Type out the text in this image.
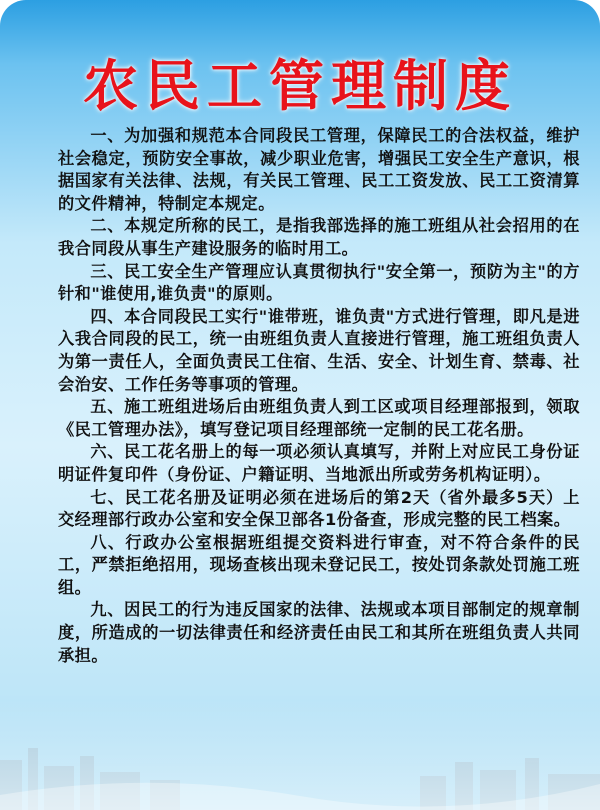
农民工管理制度

一、为加强和规范本合同段民工管理，保障民工的合法权益，维护社会稳定，预防安全事故，减少职业危害，增强民工安全生产意识，根据国家有关法律、法规，有关民工管理、民工工资发放、民工工资清算的文件精神，特制定本规定。

二、本规定所称的民工，是指我部选择的施工班组从社会招用的在我合同段从事生产建设服务的临时用工。

三、民工安全生产管理应认真贯彻执行"安全第一，预防为主"的方针和"谁使用,谁负责"的原则。

四、本合同段民工实行"谁带班，谁负责"方式进行管理，即凡是进入我合同段的民工，统一由班组负责人直接进行管理，施工班组负责人为第一责任人，全面负责民工住宿、生活、安全、计划生育、禁毒、社会治安、工作任务等事项的管理。

五、施工班组进场后由班组负责人到工区或项目经理部报到，领取《民工管理办法》，填写登记项目经理部统一定制的民工花名册。

六、民工花名册上的每一项必须认真填写，并附上对应民工身份证明证件复印件（身份证、户籍证明、当地派出所或劳务机构证明）。

七、民工花名册及证明必须在进场后的第2天（省外最多5天）上交经理部行政办公室和安全保卫部各1份备查，形成完整的民工档案。

八、行政办公室根据班组提交资料进行审查，对不符合条件的民工，严禁拒绝招用，现场查核出现未登记民工，按处罚条款处罚施工班组。

九、因民工的行为违反国家的法律、法规或本项目部制定的规章制度，所造成的一切法律责任和经济责任由民工和其所在班组负责人共同承担。
